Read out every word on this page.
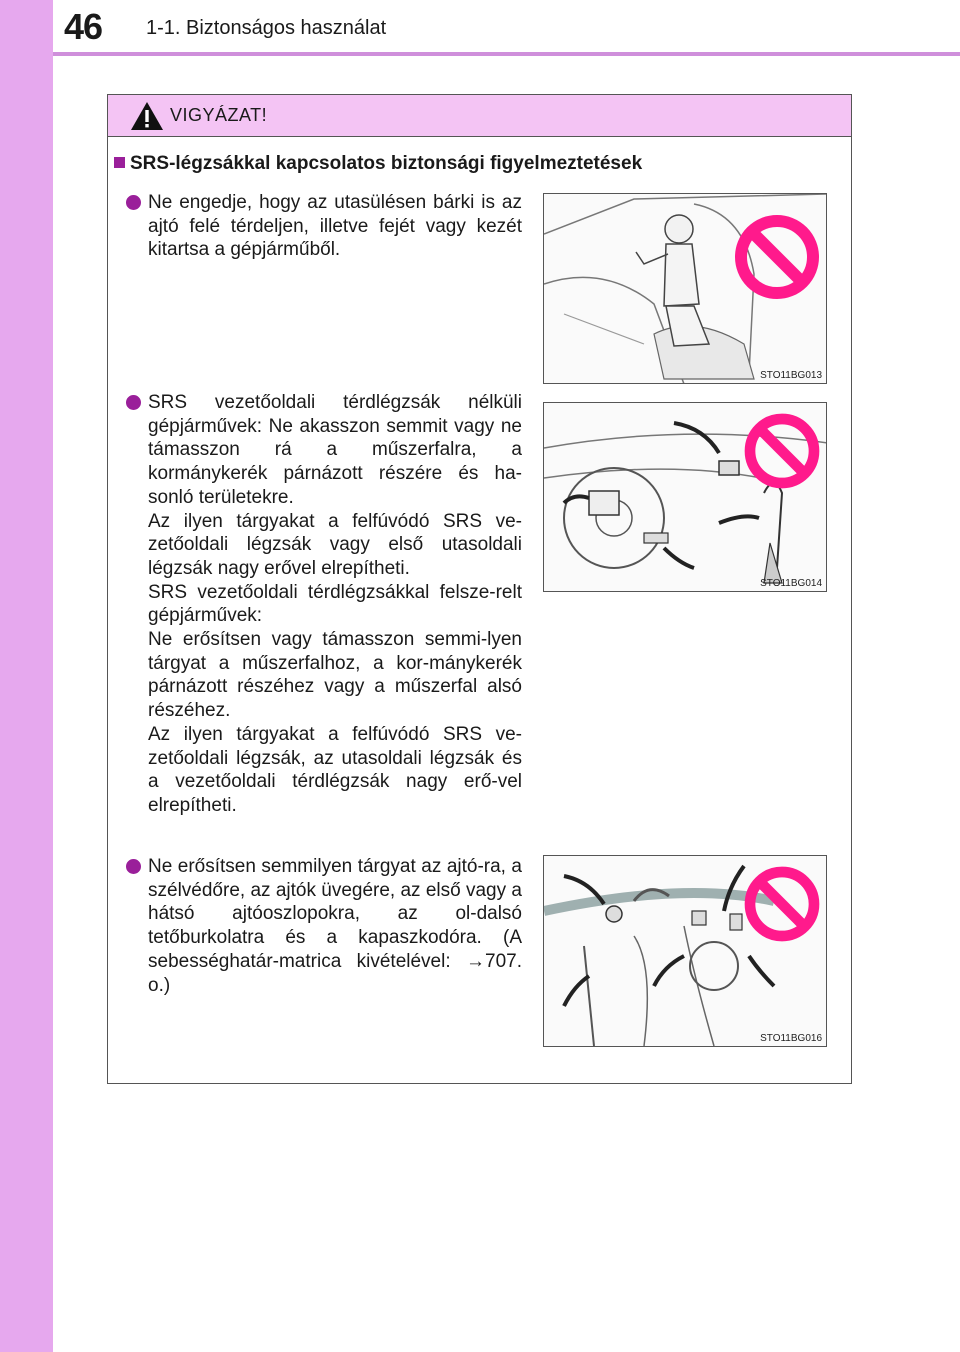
46 1-1. Biztonságos használat
VIGYÁZAT!
SRS-légzsákkal kapcsolatos biztonsági figyelmeztetések
Ne engedje, hogy az utasülésen bárki is az ajtó felé térdeljen, illetve fejét vagy kezét kitartsa a gépjárműből.
STO11BG013
SRS vezetőoldali térdlégzsák nélküli gépjárművek: Ne akasszon semmit vagy ne támasszon rá a műszerfalra, a kormánykerék párnázott részére és ha-sonló területekre.
Az ilyen tárgyakat a felfúvódó SRS ve-zetőoldali légzsák vagy első utasoldali légzsák nagy erővel elrepítheti.
SRS vezetőoldali térdlégzsákkal felsze-relt gépjárművek:
Ne erősítsen vagy támasszon semmi-lyen tárgyat a műszerfalhoz, a kor-mánykerék párnázott részéhez vagy a műszerfal alsó részéhez.
Az ilyen tárgyakat a felfúvódó SRS ve-zetőoldali légzsák, az utasoldali légzsák és a vezetőoldali térdlégzsák nagy erő-vel elrepítheti.
STO11BG014
Ne erősítsen semmilyen tárgyat az ajtó-ra, a szélvédőre, az ajtók üvegére, az első vagy a hátsó ajtóoszlopokra, az ol-dalsó tetőburkolatra és a kapaszkodóra. (A sebességhatár-matrica kivételével: →707. o.)
STO11BG016
